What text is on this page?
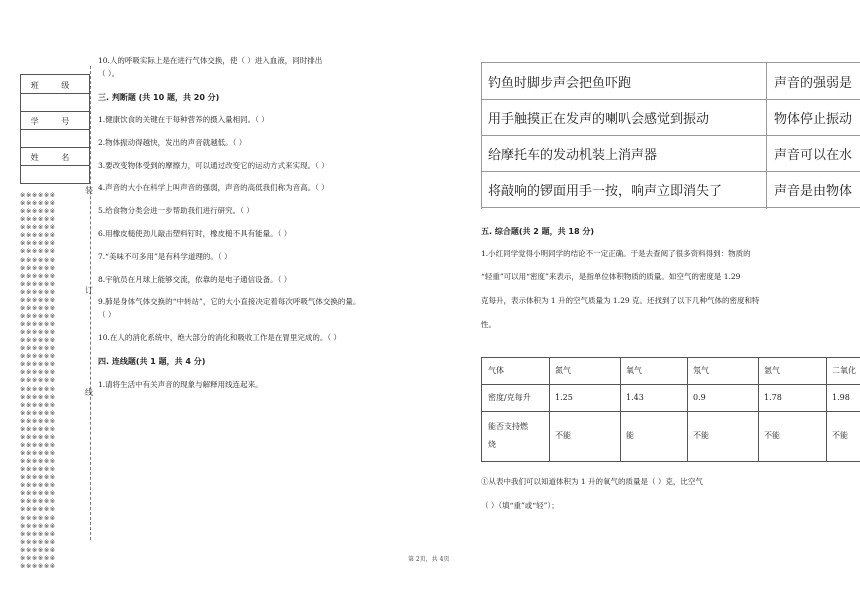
班 级
学 号
姓 名
※※※※※※
※※※※※※
※※※※※※
※※※※※※
※※※※※※
※※※※※※
※※※※※※
※※※※※※
※※※※※※
※※※※※※
※※※※※※
※※※※※※
※※※※※※
※※※※※※
※※※※※※
※※※※※※
※※※※※※
※※※※※※
※※※※※※
※※※※※※
※※※※※※
※※※※※※
※※※※※※
※※※※※※
※※※※※※
※※※※※※
※※※※※※
※※※※※※
※※※※※※
※※※※※※
※※※※※※
※※※※※※
※※※※※※
※※※※※※
※※※※※※
※※※※※※
※※※※※※
※※※※※※
※※※※※※
※※※※※※
※※※※※※
※※※※※※
※※※※※※
※※※※※※
※※※※※※
※※※※※※
※※※※※※
装
订
线
10.人的呼吸实际上是在进行气体交换，使（ ）进入血液，同时排出
（ ）。
三. 判断题 (共 10 题，共 20 分)
1.健康饮食的关键在于每种营养的摄入量相同。（ ）
2.物体振动得越快，发出的声音就越低。（ ）
3.要改变物体受到的摩擦力，可以通过改变它的运动方式来实现。（ ）
4.声音的大小在科学上叫声音的强弱，声音的高低我们称为音高。（ ）
5.给食物分类会进一步帮助我们进行研究。（ ）
6.用橡皮槌使劲儿敲击塑料钉时，橡皮槌不具有能量。（ ）
7.“美味不可多用”是有科学道理的。（ ）
8.宇航员在月球上能够交流，依靠的是电子通信设备。（ ）
9.肺是身体气体交换的“中转站”，它的大小直接决定着每次呼吸气体交换的量。
（ ）
10.在人的消化系统中，绝大部分的消化和吸收工作是在胃里完成的。（ ）
四. 连线题(共 1 题，共 4 分)
1.请将生活中有关声音的现象与解释用线连起来。
钓鱼时脚步声会把鱼吓跑	声音的强弱是
用手触摸正在发声的喇叭会感觉到振动	物体停止振动
给摩托车的发动机装上消声器	声音可以在水
将敲响的锣面用手一按，响声立即消失了	声音是由物体
五. 综合题(共 2 题，共 18 分)
1.小红同学觉得小明同学的结论不一定正确。于是去查阅了很多资料得到：物质的
“轻重”可以用“密度”来表示，是指单位体积物质的质量。如空气的密度是 1.29
克每升，表示体积为 1 升的空气质量为 1.29 克。还找到了以下几种气体的密度和特
性。
气体	氮气	氧气	氖气	氩气	二氧化
密度/克每升	1.25	1.43	0.9	1.78	1.98
能否支持燃
烧
不能	能	不能	不能	不能
①从表中我们可以知道体积为 1 升的氧气的质量是（ ）克，比空气
（ ）（填“重”或“轻”）；
第 2页，共 4页
